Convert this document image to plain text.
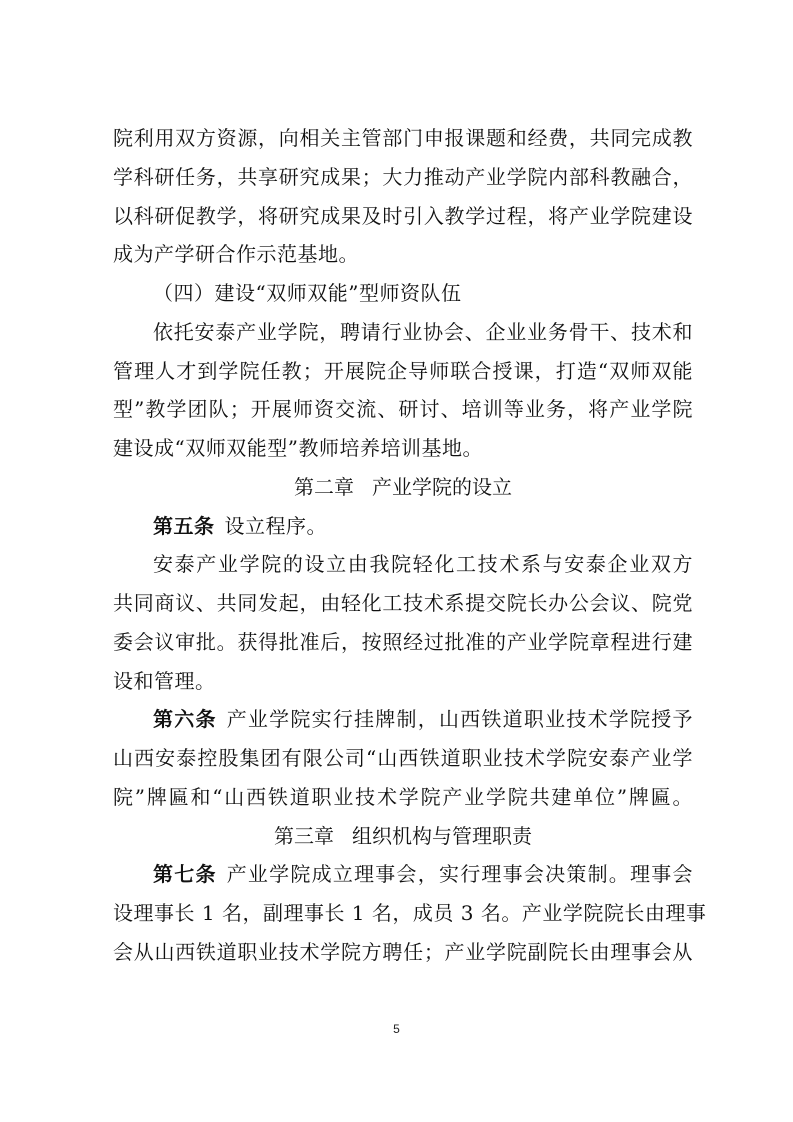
院利用双方资源，向相关主管部门申报课题和经费，共同完成教
学科研任务，共享研究成果；大力推动产业学院内部科教融合，
以科研促教学，将研究成果及时引入教学过程，将产业学院建设
成为产学研合作示范基地。
（四）建设“双师双能”型师资队伍
依托安泰产业学院，聘请行业协会、企业业务骨干、技术和
管理人才到学院任教；开展院企导师联合授课，打造“双师双能
型”教学团队；开展师资交流、研讨、培训等业务，将产业学院
建设成“双师双能型”教师培养培训基地。
第二章 产业学院的设立
第五条 设立程序。
安泰产业学院的设立由我院轻化工技术系与安泰企业双方
共同商议、共同发起，由轻化工技术系提交院长办公会议、院党
委会议审批。获得批准后，按照经过批准的产业学院章程进行建
设和管理。
第六条 产业学院实行挂牌制，山西铁道职业技术学院授予
山西安泰控股集团有限公司“山西铁道职业技术学院安泰产业学
院”牌匾和“山西铁道职业技术学院产业学院共建单位”牌匾。
第三章 组织机构与管理职责
第七条 产业学院成立理事会，实行理事会决策制。理事会
设理事长 1 名，副理事长 1 名，成员 3 名。产业学院院长由理事
会从山西铁道职业技术学院方聘任；产业学院副院长由理事会从
5
